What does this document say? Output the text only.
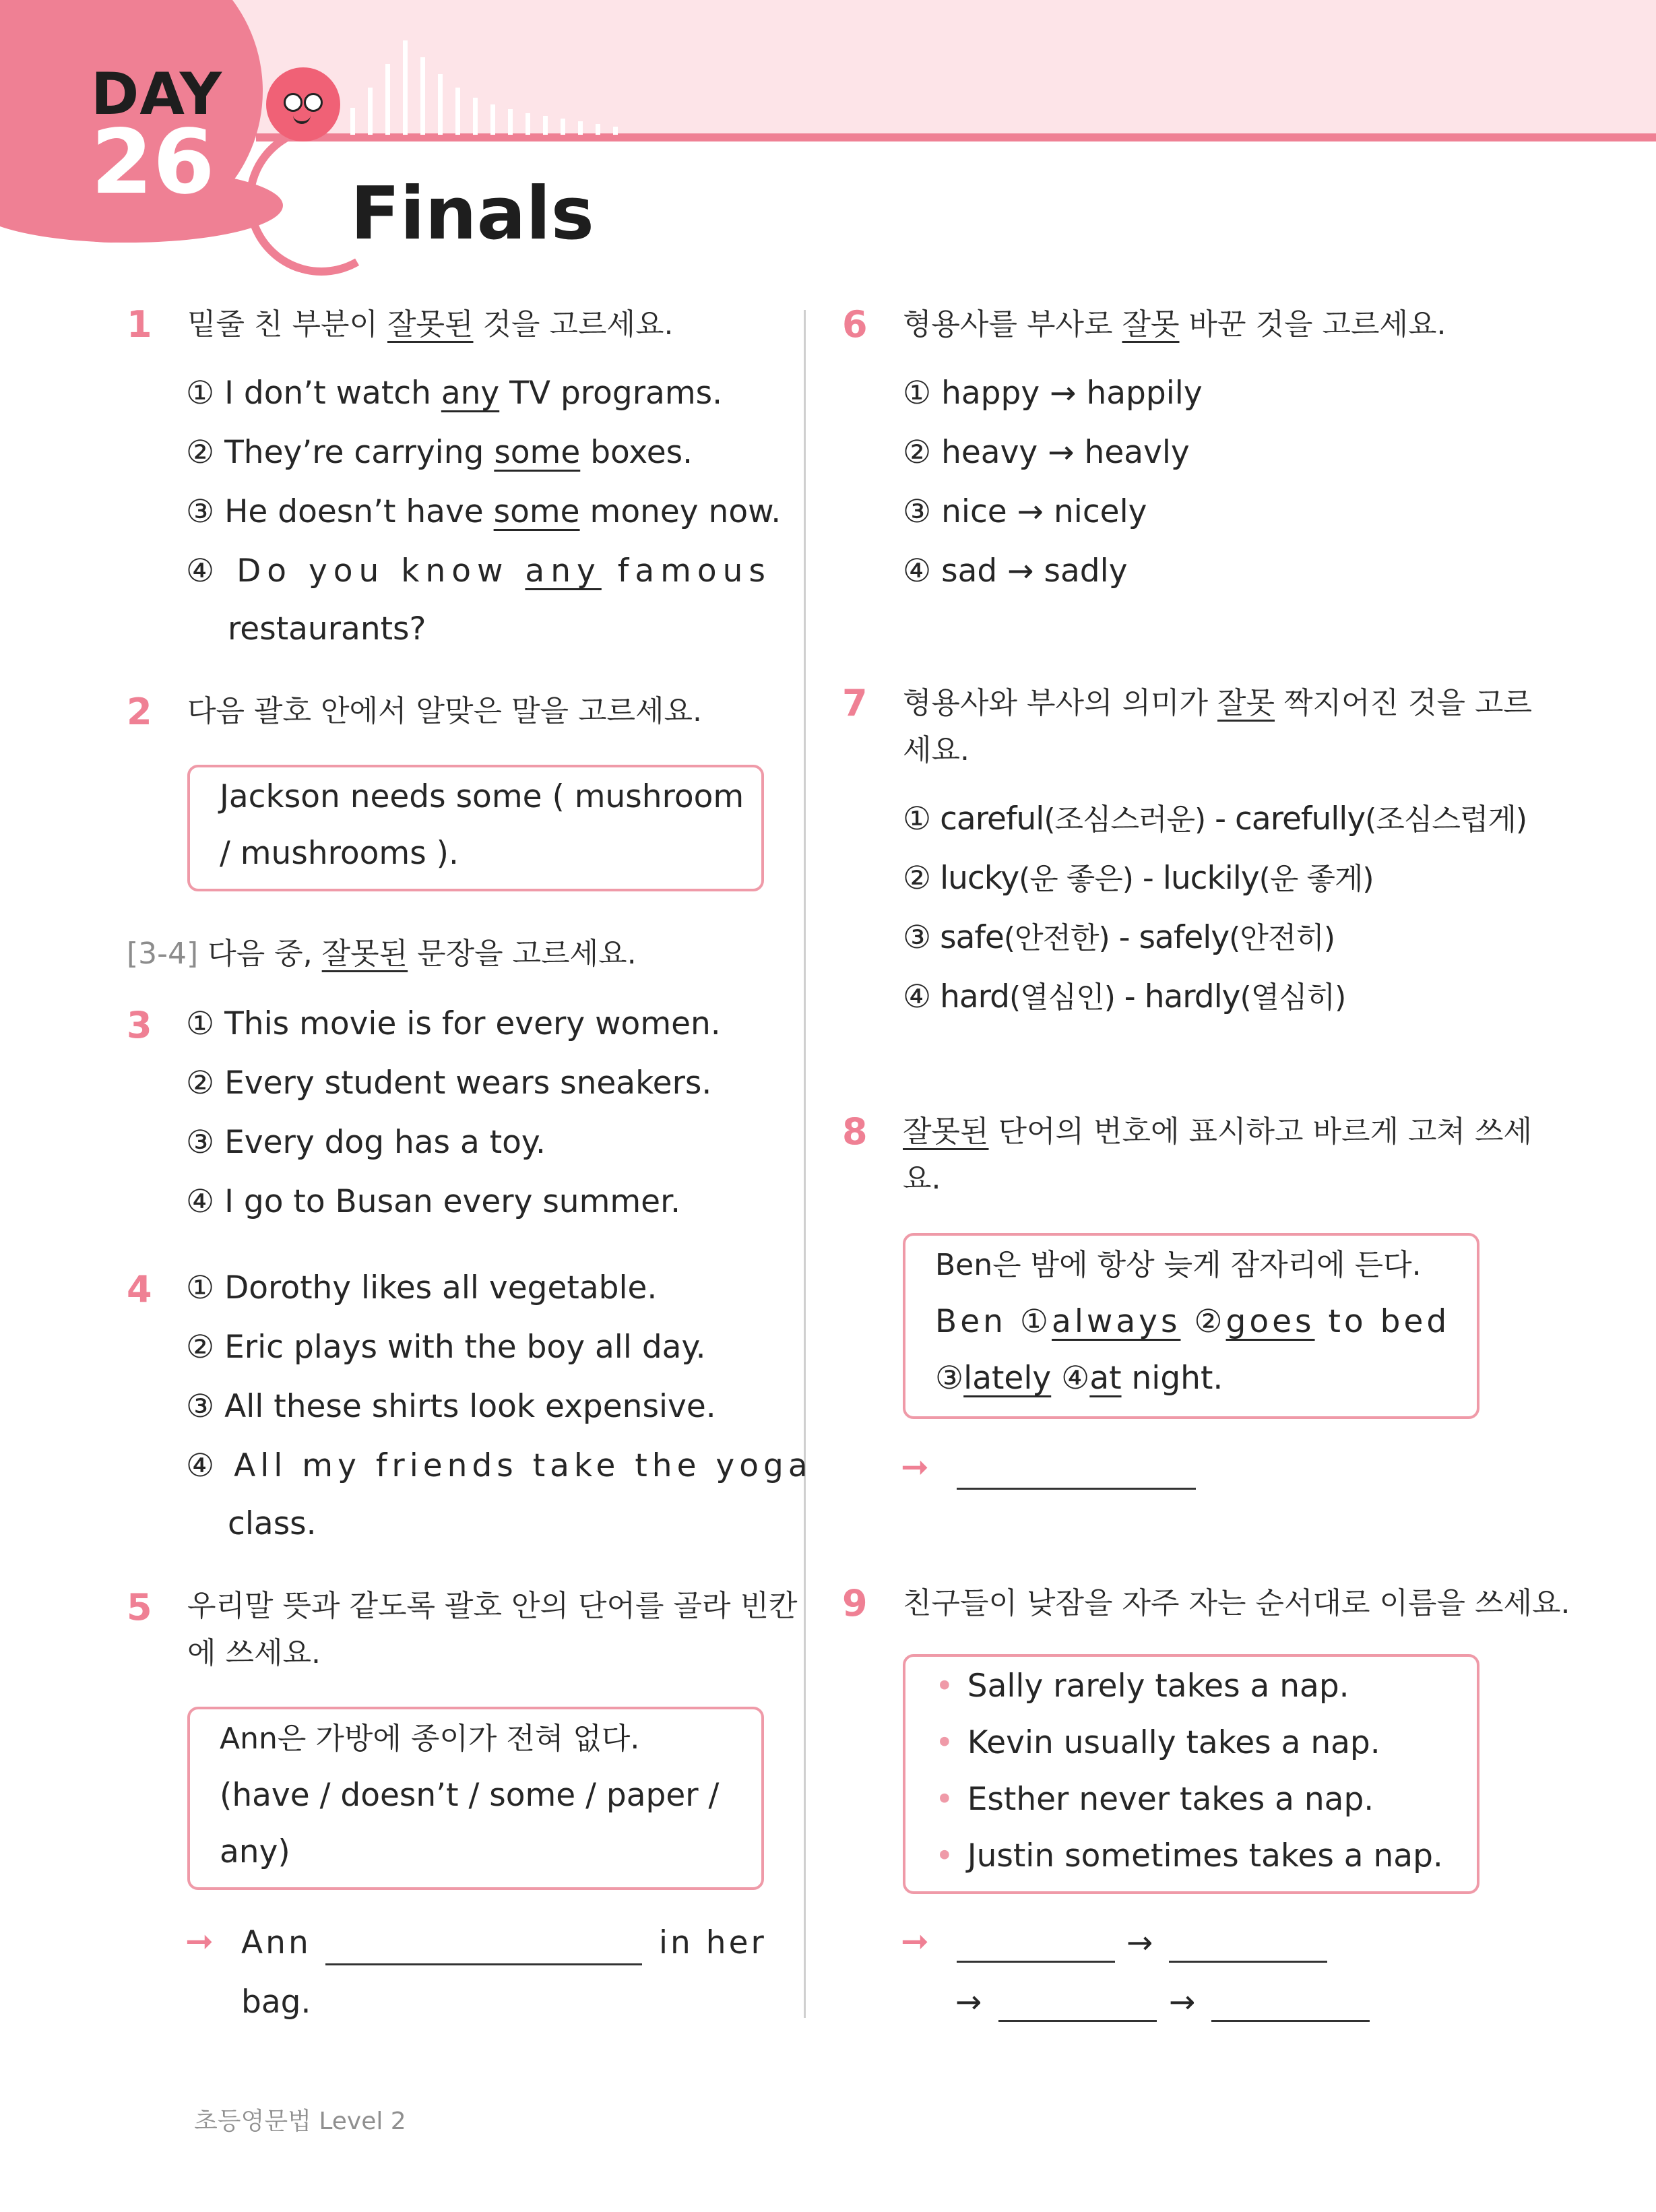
DAY
26 Finals
1 밑줄 친 부분이 잘못된 것을 고르세요.
① I don’t watch any TV programs.
② They’re carrying some boxes.
③ He doesn’t have some money now.
④ Do you know any famous
restaurants?
2 다음 괄호 안에서 알맞은 말을 고르세요.
Jackson needs some ( mushroom
/ mushrooms ).
[3-4] 다음 중, 잘못된 문장을 고르세요.
3 ① This movie is for every women.
② Every student wears sneakers.
③ Every dog has a toy.
④ I go to Busan every summer.
4 ① Dorothy likes all vegetable.
② Eric plays with the boy all day.
③ All these shirts look expensive.
④ All my friends take the yoga
class.
5 우리말 뜻과 같도록 괄호 안의 단어를 골라 빈칸
에 쓰세요.
Ann은 가방에 종이가 전혀 없다.
(have / doesn’t / some / paper /
any)
➞ Ann	in her
bag.
6 형용사를 부사로 잘못 바꾼 것을 고르세요.
① happy → happily
② heavy → heavly
③ nice → nicely
④ sad → sadly
7 형용사와 부사의 의미가 잘못 짝지어진 것을 고르
세요.
① careful(조심스러운) - carefully(조심스럽게)
② lucky(운 좋은) - luckily(운 좋게)
③ safe(안전한) - safely(안전히)
④ hard(열심인) - hardly(열심히)
8 잘못된 단어의 번호에 표시하고 바르게 고쳐 쓰세
요.
Ben은 밤에 항상 늦게 잠자리에 든다.
Ben ①always ②goes to bed
③lately ④at night.
➞
9 친구들이 낮잠을 자주 자는 순서대로 이름을 쓰세요.
• Sally rarely takes a nap.
• Kevin usually takes a nap.
• Esther never takes a nap.
• Justin sometimes takes a nap.
➞	→
→	→
초등영문법 Level 2
